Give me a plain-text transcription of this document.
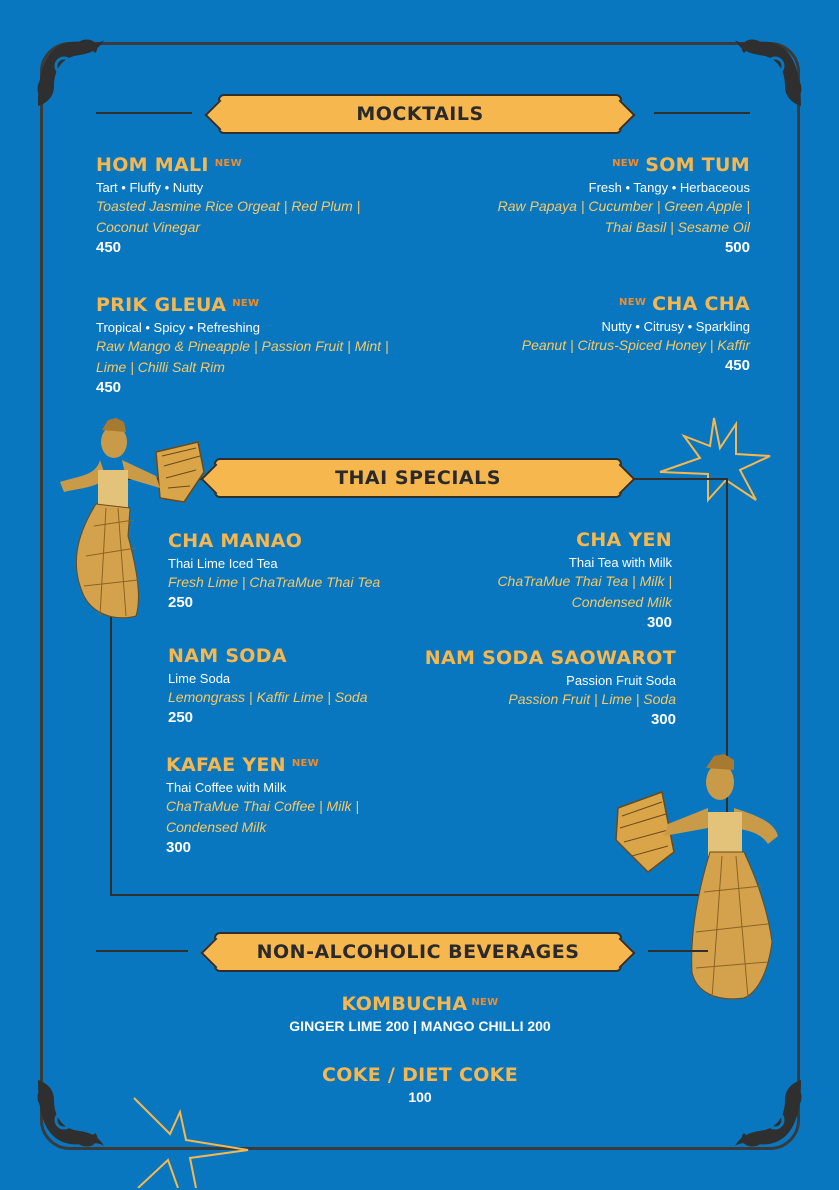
MOCKTAILS
HOM MALI $^{NEW}$
Tart • Fluffy • Nutty
Toasted Jasmine Rice Orgeat | Red Plum |
Coconut Vinegar
450
$^{NEW}$ SOM TUM
Fresh • Tangy • Herbaceous
Raw Papaya | Cucumber | Green Apple |
Thai Basil | Sesame Oil
500
PRIK GLEUA $^{NEW}$
Tropical • Spicy • Refreshing
Raw Mango & Pineapple | Passion Fruit | Mint |
Lime | Chilli Salt Rim
450
$^{NEW}$ CHA CHA
Nutty • Citrusy • Sparkling
Peanut | Citrus-Spiced Honey | Kaffir
450
THAI SPECIALS
CHA MANAO
Thai Lime Iced Tea
Fresh Lime | ChaTraMue Thai Tea
250
CHA YEN
Thai Tea with Milk
ChaTraMue Thai Tea | Milk |
Condensed Milk
300
NAM SODA
Lime Soda
Lemongrass | Kaffir Lime | Soda
250
NAM SODA SAOWAROT
Passion Fruit Soda
Passion Fruit | Lime | Soda
300
KAFAE YEN $^{NEW}$
Thai Coffee with Milk
ChaTraMue Thai Coffee | Milk |
Condensed Milk
300
NON-ALCOHOLIC BEVERAGES
KOMBUCHA $^{NEW}$
GINGER LIME 200 | MANGO CHILLI 200
COKE / DIET COKE
100
